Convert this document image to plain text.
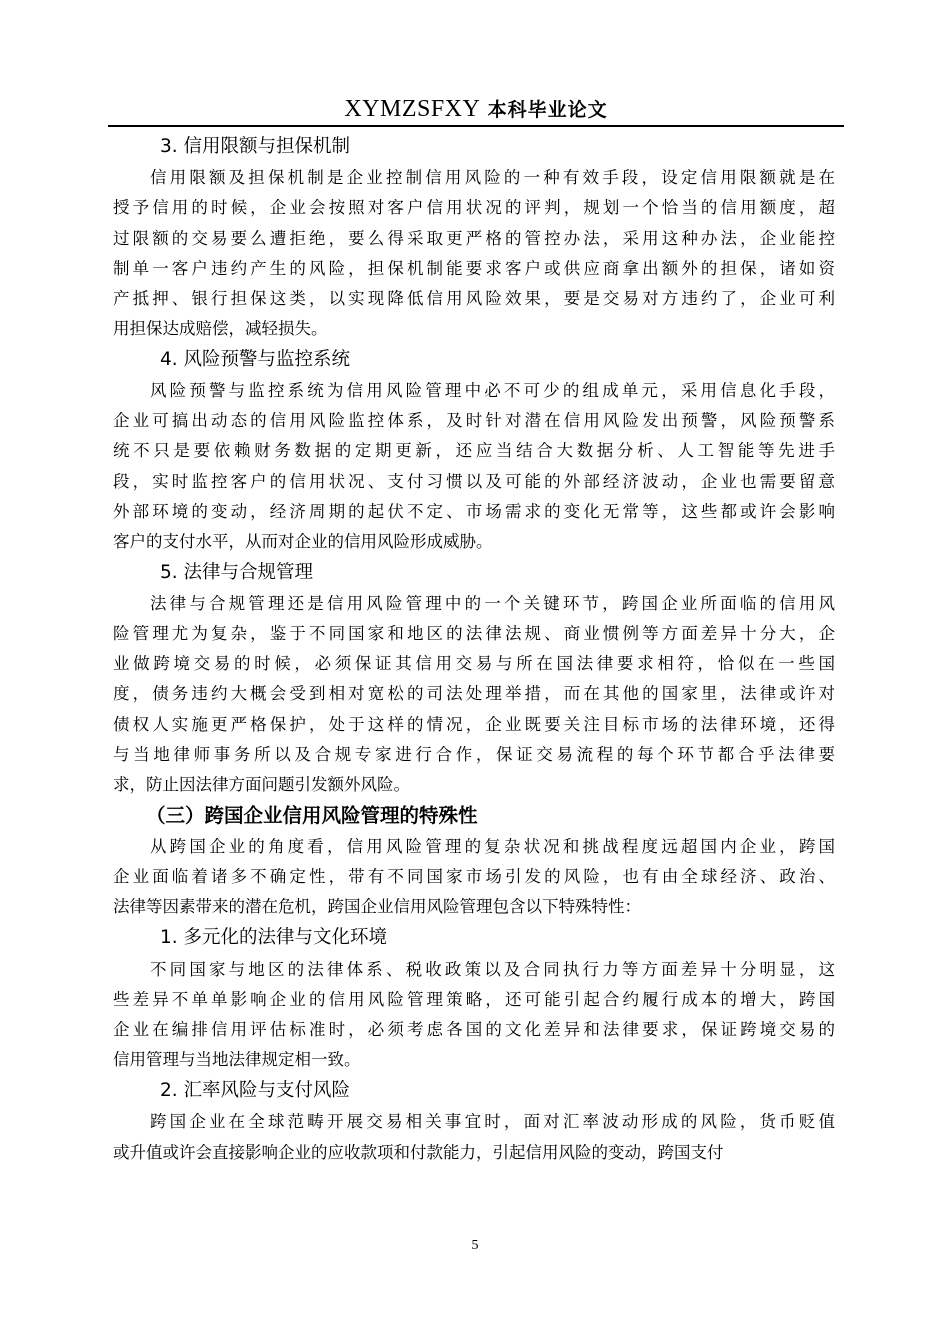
XYMZSFXY 本科毕业论文
3. 信用限额与担保机制
信用限额及担保机制是企业控制信用风险的一种有效手段，设定信用限额就是在
授予信用的时候，企业会按照对客户信用状况的评判，规划一个恰当的信用额度，超
过限额的交易要么遭拒绝，要么得采取更严格的管控办法，采用这种办法，企业能控
制单一客户违约产生的风险，担保机制能要求客户或供应商拿出额外的担保，诸如资
产抵押、银行担保这类，以实现降低信用风险效果，要是交易对方违约了，企业可利
用担保达成赔偿，减轻损失。
4. 风险预警与监控系统
风险预警与监控系统为信用风险管理中必不可少的组成单元，采用信息化手段，
企业可搞出动态的信用风险监控体系，及时针对潜在信用风险发出预警，风险预警系
统不只是要依赖财务数据的定期更新，还应当结合大数据分析、人工智能等先进手
段，实时监控客户的信用状况、支付习惯以及可能的外部经济波动，企业也需要留意
外部环境的变动，经济周期的起伏不定、市场需求的变化无常等，这些都或许会影响
客户的支付水平，从而对企业的信用风险形成威胁。
5. 法律与合规管理
法律与合规管理还是信用风险管理中的一个关键环节，跨国企业所面临的信用风
险管理尤为复杂，鉴于不同国家和地区的法律法规、商业惯例等方面差异十分大，企
业做跨境交易的时候，必须保证其信用交易与所在国法律要求相符，恰似在一些国
度，债务违约大概会受到相对宽松的司法处理举措，而在其他的国家里，法律或许对
债权人实施更严格保护，处于这样的情况，企业既要关注目标市场的法律环境，还得
与当地律师事务所以及合规专家进行合作，保证交易流程的每个环节都合乎法律要
求，防止因法律方面问题引发额外风险。
（三）跨国企业信用风险管理的特殊性
从跨国企业的角度看，信用风险管理的复杂状况和挑战程度远超国内企业，跨国
企业面临着诸多不确定性，带有不同国家市场引发的风险，也有由全球经济、政治、
法律等因素带来的潜在危机，跨国企业信用风险管理包含以下特殊特性：
1. 多元化的法律与文化环境
不同国家与地区的法律体系、税收政策以及合同执行力等方面差异十分明显，这
些差异不单单影响企业的信用风险管理策略，还可能引起合约履行成本的增大，跨国
企业在编排信用评估标准时，必须考虑各国的文化差异和法律要求，保证跨境交易的
信用管理与当地法律规定相一致。
2. 汇率风险与支付风险
跨国企业在全球范畴开展交易相关事宜时，面对汇率波动形成的风险，货币贬值
或升值或许会直接影响企业的应收款项和付款能力，引起信用风险的变动，跨国支付
5
